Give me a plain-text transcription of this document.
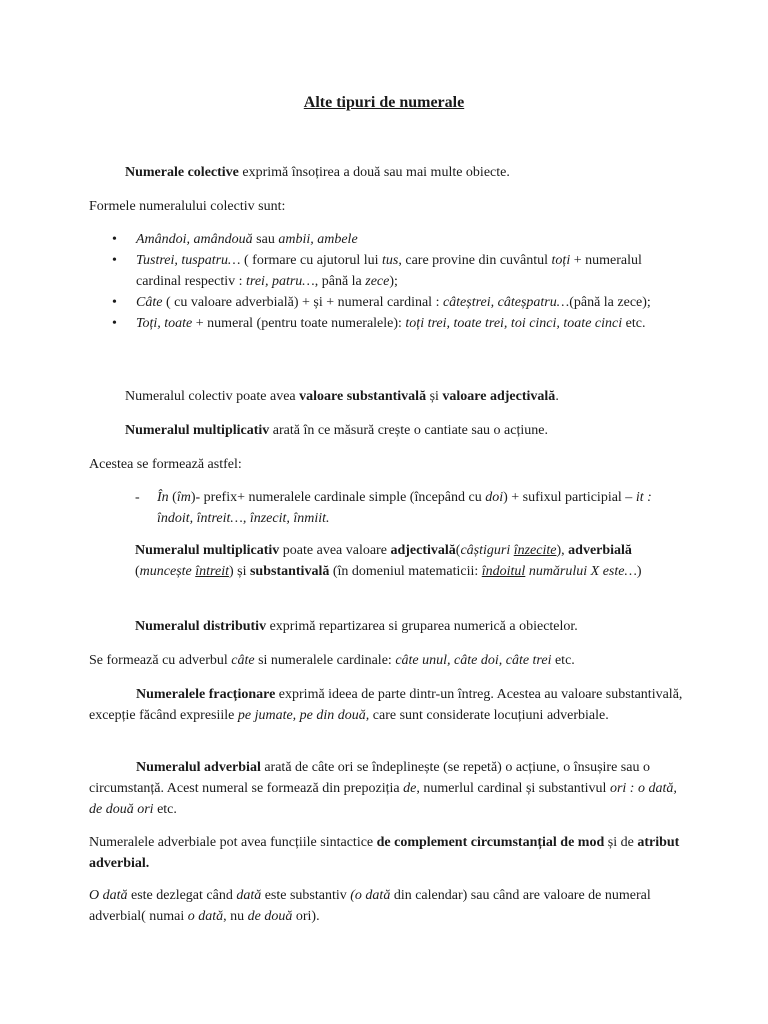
Alte tipuri de numerale

Numerale colective exprimă însoțirea a două sau mai multe obiecte.

Formele numeralului colectiv sunt:

• Amândoi, amândouă sau ambii, ambele
• Tustrei, tuspatru… ( formare cu ajutorul lui tus, care provine din cuvântul toți + numeralul cardinal respectiv : trei, patru…, până la zece);
• Câte ( cu valoare adverbială) + și + numeral cardinal : câteștrei, câteșpatru…(până la zece);
• Toți, toate + numeral (pentru toate numeralele): toți trei, toate trei, toi cinci, toate cinci etc.

Numeralul colectiv poate avea valoare substantivală și valoare adjectivală.

Numeralul multiplicativ arată în ce măsură crește o cantiate sau o acțiune.

Acestea se formează astfel:

-	În (îm)- prefix+ numeralele cardinale simple (începând cu doi) + sufixul participial – it : îndoit, întreit…, înzecit, înmiit.

Numeralul multiplicativ poate avea valoare adjectivală(câștiguri înzecite), adverbială (muncește întreit) și substantivală (în domeniul matematicii: îndoitul numărului X este…)

Numeralul distributiv exprimă repartizarea si gruparea numerică a obiectelor.

Se formează cu adverbul câte si numeralele cardinale: câte unul, câte doi, câte trei etc.

Numeralele fracționare exprimă ideea de parte dintr-un întreg. Acestea au valoare substantivală, excepție făcând expresiile pe jumate, pe din două, care sunt considerate locuțiuni adverbiale.

Numeralul adverbial arată de câte ori se îndeplinește (se repetă) o acțiune, o însușire sau o circumstanță. Acest numeral se formează din prepoziția de, numerlul cardinal și substantivul ori : o dată, de două ori etc.

Numeralele adverbiale pot avea funcțiile sintactice de complement circumstanțial de mod și de atribut adverbial.

O dată este dezlegat când dată este substantiv (o dată din calendar) sau când are valoare de numeral adverbial( numai o dată, nu de două ori).
